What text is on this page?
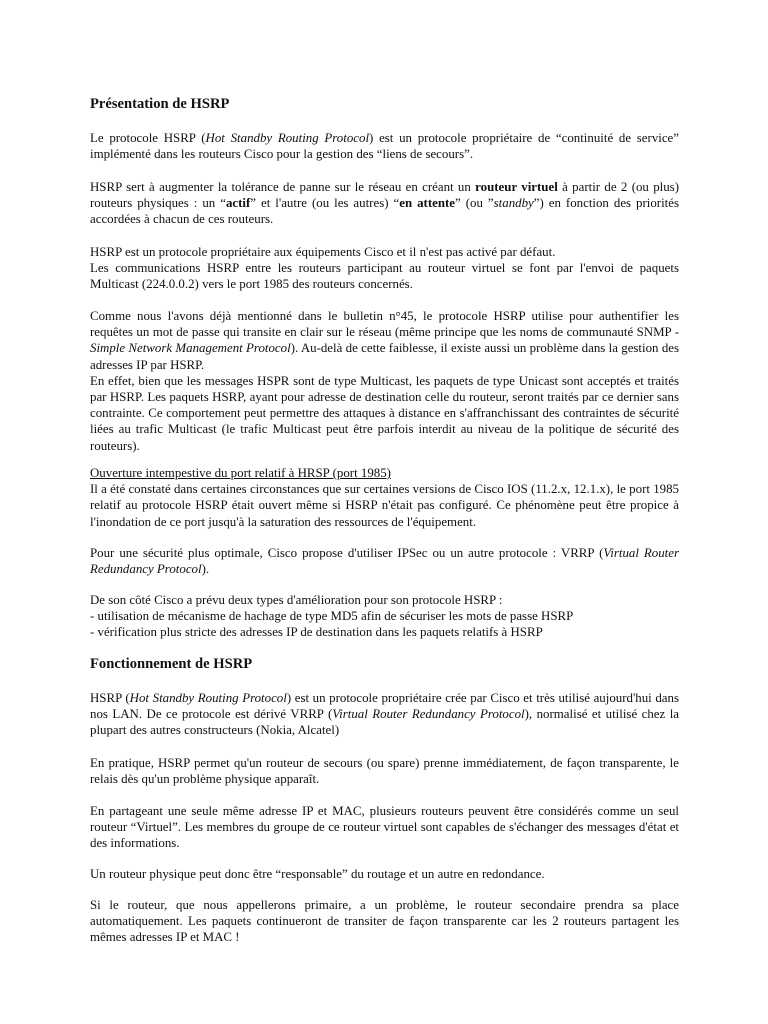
Présentation de HSRP

Le protocole HSRP (Hot Standby Routing Protocol) est un protocole propriétaire de “continuité de service” implémenté dans les routeurs Cisco pour la gestion des “liens de secours”.

HSRP sert à augmenter la tolérance de panne sur le réseau en créant un routeur virtuel à partir de 2 (ou plus) routeurs physiques : un “actif” et l'autre (ou les autres) “en attente” (ou ”standby”) en fonction des priorités accordées à chacun de ces routeurs.

HSRP est un protocole propriétaire aux équipements Cisco et il n'est pas activé par défaut.

Les communications HSRP entre les routeurs participant au routeur virtuel se font par l'envoi de paquets Multicast (224.0.0.2) vers le port 1985 des routeurs concernés.

Comme nous l'avons déjà mentionné dans le bulletin n°45, le protocole HSRP utilise pour authentifier les requêtes un mot de passe qui transite en clair sur le réseau (même principe que les noms de communauté SNMP - Simple Network Management Protocol). Au-delà de cette faiblesse, il existe aussi un problème dans la gestion des adresses IP par HSRP.

En effet, bien que les messages HSPR sont de type Multicast, les paquets de type Unicast sont acceptés et traités par HSRP. Les paquets HSRP, ayant pour adresse de destination celle du routeur, seront traités par ce dernier sans contrainte. Ce comportement peut permettre des attaques à distance en s'affranchissant des contraintes de sécurité liées au trafic Multicast (le trafic Multicast peut être parfois interdit au niveau de la politique de sécurité des routeurs).

Ouverture intempestive du port relatif à HRSP (port 1985)

Il a été constaté dans certaines circonstances que sur certaines versions de Cisco IOS (11.2.x, 12.1.x), le port 1985 relatif au protocole HSRP était ouvert même si HSRP n'était pas configuré. Ce phénomène peut être propice à l'inondation de ce port jusqu'à la saturation des ressources de l'équipement.

Pour une sécurité plus optimale, Cisco propose d'utiliser IPSec ou un autre protocole : VRRP (Virtual Router Redundancy Protocol).

De son côté Cisco a prévu deux types d'amélioration pour son protocole HSRP :

- utilisation de mécanisme de hachage de type MD5 afin de sécuriser les mots de passe HSRP

- vérification plus stricte des adresses IP de destination dans les paquets relatifs à HSRP

Fonctionnement de HSRP

HSRP (Hot Standby Routing Protocol) est un protocole propriétaire crée par Cisco et très utilisé aujourd'hui dans nos LAN. De ce protocole est dérivé VRRP (Virtual Router Redundancy Protocol), normalisé et utilisé chez la plupart des autres constructeurs (Nokia, Alcatel)

En pratique, HSRP permet qu'un routeur de secours (ou spare) prenne immédiatement, de façon transparente, le relais dès qu'un problème physique apparaît.

En partageant une seule même adresse IP et MAC, plusieurs routeurs peuvent être considérés comme un seul routeur “Virtuel”. Les membres du groupe de ce routeur virtuel sont capables de s'échanger des messages d'état et des informations.

Un routeur physique peut donc être “responsable” du routage et un autre en redondance.

Si le routeur, que nous appellerons primaire, a un problème, le routeur secondaire prendra sa place automatiquement. Les paquets continueront de transiter de façon transparente car les 2 routeurs partagent les mêmes adresses IP et MAC !
